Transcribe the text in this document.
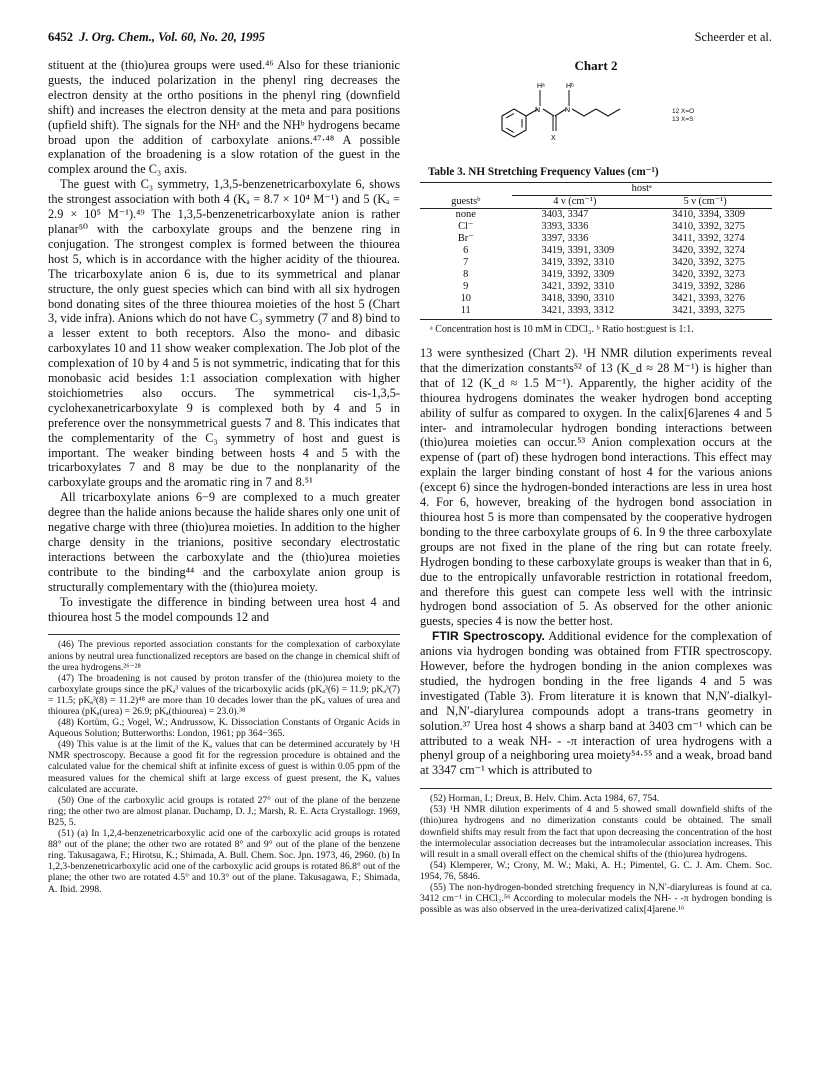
6452 J. Org. Chem., Vol. 60, No. 20, 1995	Scheerder et al.

stituent at the (thio)urea groups were used.⁴⁶ Also for these trianionic guests, the induced polarization in the phenyl ring decreases the electron density at the ortho positions in the phenyl ring (downfield shift) and increases the electron density at the meta and para positions (upfield shift). The signals for the NHᵃ and the NHᵇ hydrogens became broad upon the addition of carboxylate anions.⁴⁷·⁴⁸ A possible explanation of the broadening is a slow rotation of the guest in the complex around the C₃ axis.

The guest with C₃ symmetry, 1,3,5-benzenetricarboxylate 6, shows the strongest association with both 4 (Kₐ = 8.7 × 10⁴ M⁻¹) and 5 (Kₐ = 2.9 × 10⁵ M⁻¹).⁴⁹ The 1,3,5-benzenetricarboxylate anion is rather planar⁵⁰ with the carboxylate groups and the benzene ring in conjugation. The strongest complex is formed between the thiourea host 5, which is in accordance with the higher acidity of the thiourea. The tricarboxylate anion 6 is, due to its symmetrical and planar structure, the only guest species which can bind with all six hydrogen bond donating sites of the three thiourea moieties of the host 5 (Chart 3, vide infra). Anions which do not have C₃ symmetry (7 and 8) bind to a lesser extent to both receptors. Also the mono- and dibasic carboxylates 10 and 11 show weaker complexation. The Job plot of the complexation of 10 by 4 and 5 is not symmetric, indicating that for this monobasic acid besides 1:1 association complexation with higher stoichiometries also occurs. The symmetrical cis-1,3,5-cyclohexanetricarboxylate 9 is complexed both by 4 and 5 in preference over the nonsymmetrical guests 7 and 8. This indicates that the complementarity of the C₃ symmetry of host and guest is important. The weaker binding between hosts 4 and 5 with the tricarboxylates 7 and 8 may be due to the nonplanarity of the carboxylate groups and the aromatic ring in 7 and 8.⁵¹

All tricarboxylate anions 6−9 are complexed to a much greater degree than the halide anions because the halide shares only one unit of negative charge with three (thio)urea moieties. In addition to the higher charge density in the trianions, positive secondary electrostatic interactions between the carboxylate and the (thio)urea moieties contribute to the binding⁴⁴ and the carboxylate anion group is structurally complementary with the (thio)urea moiety.

To investigate the difference in binding between urea host 4 and thiourea host 5 the model compounds 12 and

(46) The previous reported association constants for the complexation of carboxylate anions by neutral urea functionalized receptors are based on the change in chemical shift of the urea hydrogens.²⁶⁻²⁸

(47) The broadening is not caused by proton transfer of the (thio)urea moiety to the carboxylate groups since the pKₐ³ values of the tricarboxylic acids (pKₐ³(6) = 11.9; pKₐ³(7) = 11.5; pKₐ³(8) = 11.2)⁴⁸ are more than 10 decades lower than the pKₐ values of urea and thiourea (pKₐ(urea) = 26.9; pKₐ(thiourea) = 23.0).³⁸

(48) Kortüm, G.; Vogel, W.; Andrussow, K. Dissociation Constants of Organic Acids in Aqueous Solution; Butterworths: London, 1961; pp 364−365.

(49) This value is at the limit of the Kₐ values that can be determined accurately by ¹H NMR spectroscopy. Because a good fit for the regression procedure is obtained and the calculated value for the chemical shift at infinite excess of guest is within 0.05 ppm of the measured values for the chemical shift at large excess of guest present, the Kₐ values calculated are accurate.

(50) One of the carboxylic acid groups is rotated 27° out of the plane of the benzene ring; the other two are almost planar. Duchamp, D. J.; Marsh, R. E. Acta Crystallogr. 1969, B25, 5.

(51) (a) In 1,2,4-benzenetricarboxylic acid one of the carboxylic acid groups is rotated 88° out of the plane; the other two are rotated 8° and 9° out of the plane of the benzene ring. Takusagawa, F.; Hirotsu, K.; Shimada, A. Bull. Chem. Soc. Jpn. 1973, 46, 2960. (b) In 1,2,3-benzenetricarboxylic acid one of the carboxylic acid groups is rotated 86.8° out of the plane; the other two are rotated 4.5° and 10.3° out of the plane. Takusagawa, F.; Shimada, A. Ibid. 2998.

Chart 2
N	N
Hᵃ	Hᵇ
X
12 X=O
13 X=S
Table 3. NH Stretching Frequency Values (cm⁻¹)
	hostᵃ	
guestsᵇ	4 ν (cm⁻¹)	5 ν (cm⁻¹)
none	3403, 3347	3410, 3394, 3309
Cl⁻	3393, 3336	3410, 3392, 3275
Br⁻	3397, 3336	3411, 3392, 3274
6	3419, 3391, 3309	3420, 3392, 3274
7	3419, 3392, 3310	3420, 3392, 3275
8	3419, 3392, 3309	3420, 3392, 3273
9	3421, 3392, 3310	3419, 3392, 3286
10	3418, 3390, 3310	3421, 3393, 3276
11	3421, 3393, 3312	3421, 3393, 3275
ᵃ Concentration host is 10 mM in CDCl₃. ᵇ Ratio host:guest is 1:1.

13 were synthesized (Chart 2). ¹H NMR dilution experiments reveal that the dimerization constants⁵² of 13 (K_d ≈ 28 M⁻¹) is higher than that of 12 (K_d ≈ 1.5 M⁻¹). Apparently, the higher acidity of the thiourea hydrogens dominates the weaker hydrogen bond accepting ability of sulfur as compared to oxygen. In the calix[6]arenes 4 and 5 inter- and intramolecular hydrogen bonding interactions between (thio)urea moieties can occur.⁵³ Anion complexation occurs at the expense of (part of) these hydrogen bond interactions. This effect may explain the larger binding constant of host 4 for the various anions (except 6) since the hydrogen-bonded interactions are less in urea host 4. For 6, however, breaking of the hydrogen bond association in thiourea host 5 is more than compensated by the cooperative hydrogen bonding to the three carboxylate groups of 6. In 9 the three carboxylate groups are not fixed in the plane of the ring but can rotate freely. Hydrogen bonding to these carboxylate groups is weaker than that in 6, due to the entropically unfavorable restriction in rotational freedom, and therefore this guest can compete less well with the intrinsic hydrogen bond association of 5. As observed for the other anionic guests, species 4 is now the better host.

FTIR Spectroscopy. Additional evidence for the complexation of anions via hydrogen bonding was obtained from FTIR spectroscopy. However, before the hydrogen bonding in the anion complexes was studied, the hydrogen bonding in the free ligands 4 and 5 was investigated (Table 3). From literature it is known that N,N′-dialkyl- and N,N′-diarylurea compounds adopt a trans-trans geometry in solution.³⁷ Urea host 4 shows a sharp band at 3403 cm⁻¹ which can be attributed to a weak NH- - -π interaction of urea hydrogens with a phenyl group of a neighboring urea moiety⁵⁴·⁵⁵ and a weak, broad band at 3347 cm⁻¹ which is attributed to

(52) Horman, I.; Dreux, B. Helv. Chim. Acta 1984, 67, 754.

(53) ¹H NMR dilution experiments of 4 and 5 showed small downfield shifts of the (thio)urea hydrogens and no dimerization constants could be obtained. The small downfield shifts may result from the fact that upon decreasing the concentration of the host the intermolecular association decreases but the intramolecular association increases. This will result in a small overall effect on the chemical shifts of the (thio)urea hydrogens.

(54) Klemperer, W.; Crony, M. W.; Maki, A. H.; Pimentel, G. C. J. Am. Chem. Soc. 1954, 76, 5846.

(55) The non-hydrogen-bonded stretching frequency in N,N′-diarylureas is found at ca. 3412 cm⁻¹ in CHCl₃.⁵⁶ According to molecular models the NH- - -π hydrogen bonding is possible as was also observed in the urea-derivatized calix[4]arene.¹⁶
